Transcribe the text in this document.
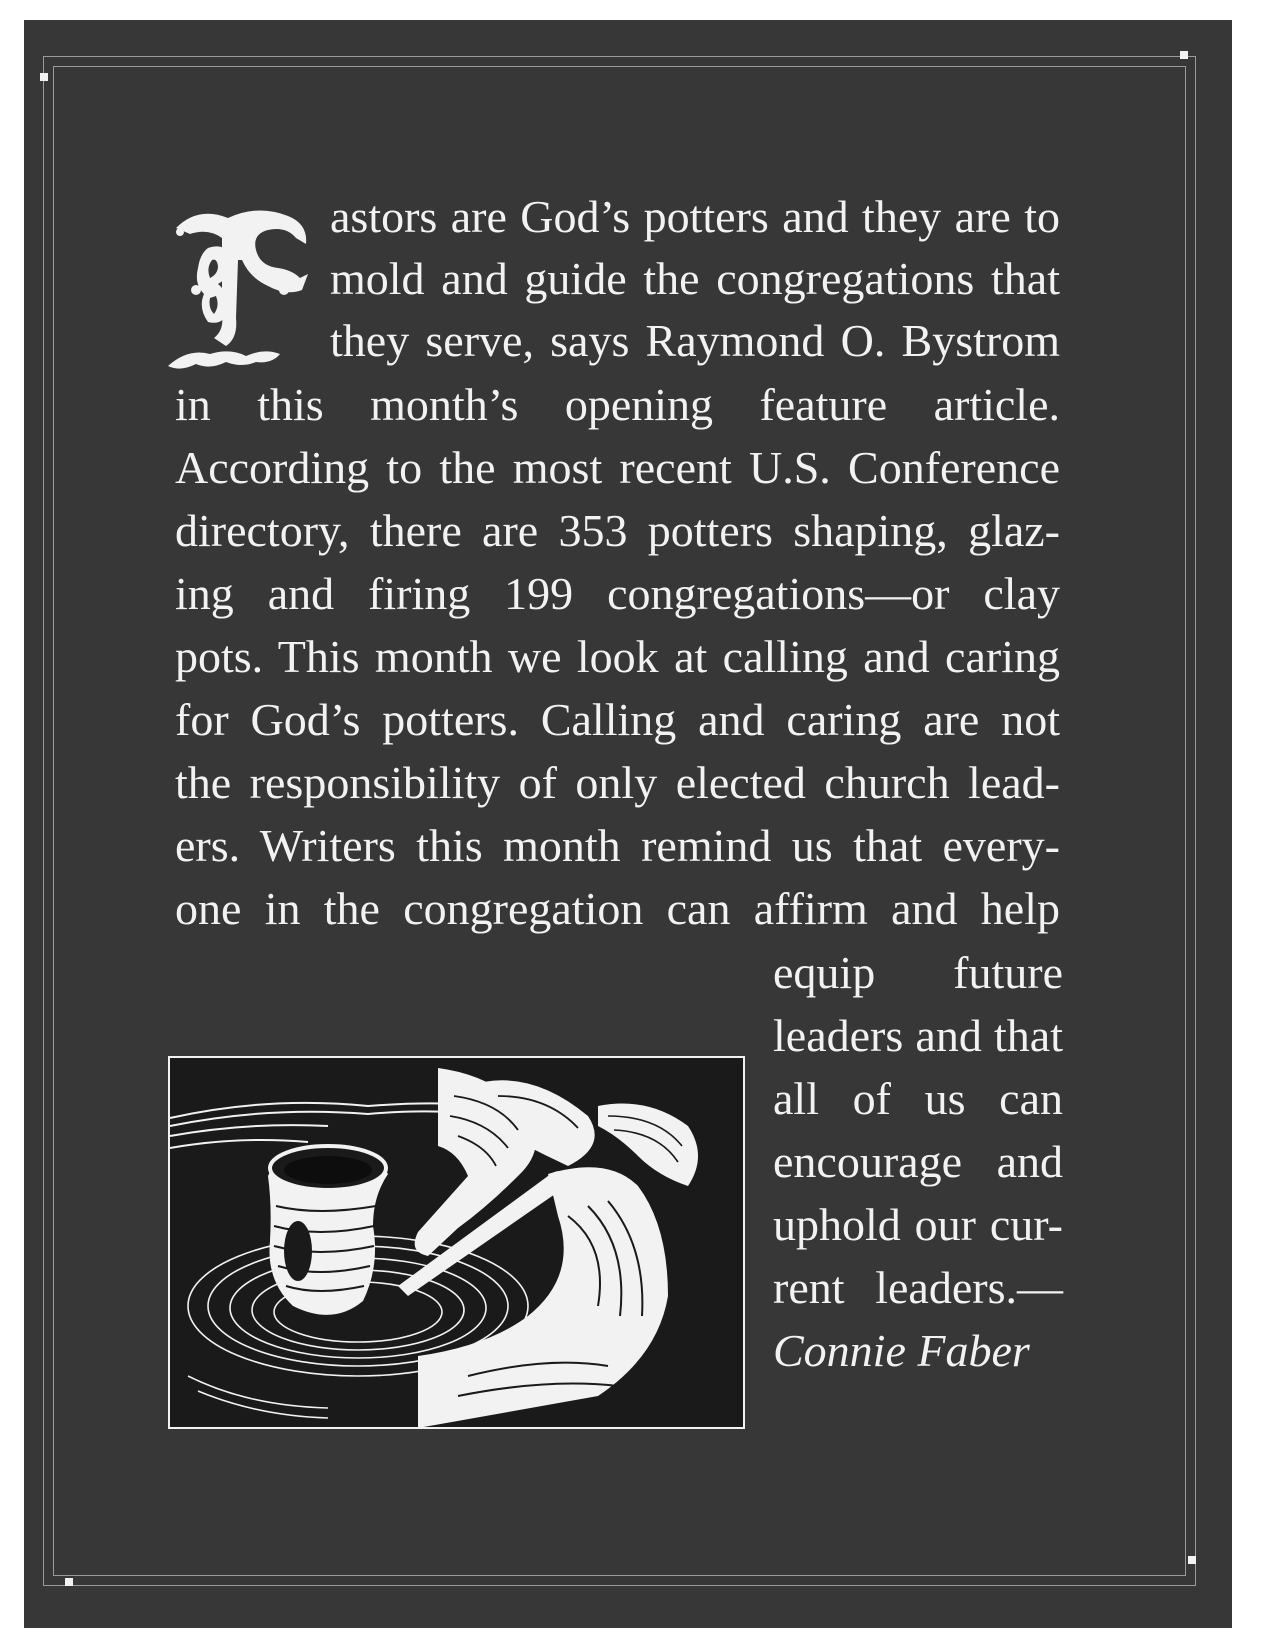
astors are God’s potters and they are to
mold and guide the congregations that
they serve, says Raymond O. Bystrom
in this month’s opening feature article.
According to the most recent U.S. Conference
directory, there are 353 potters shaping, glaz-
ing and firing 199 congregations—or clay
pots. This month we look at calling and caring
for God’s potters. Calling and caring are not
the responsibility of only elected church lead-
ers. Writers this month remind us that every-
one in the congregation can affirm and help
equip future
leaders and that
all of us can
encourage and
uphold our cur-
rent leaders.—
Connie Faber
